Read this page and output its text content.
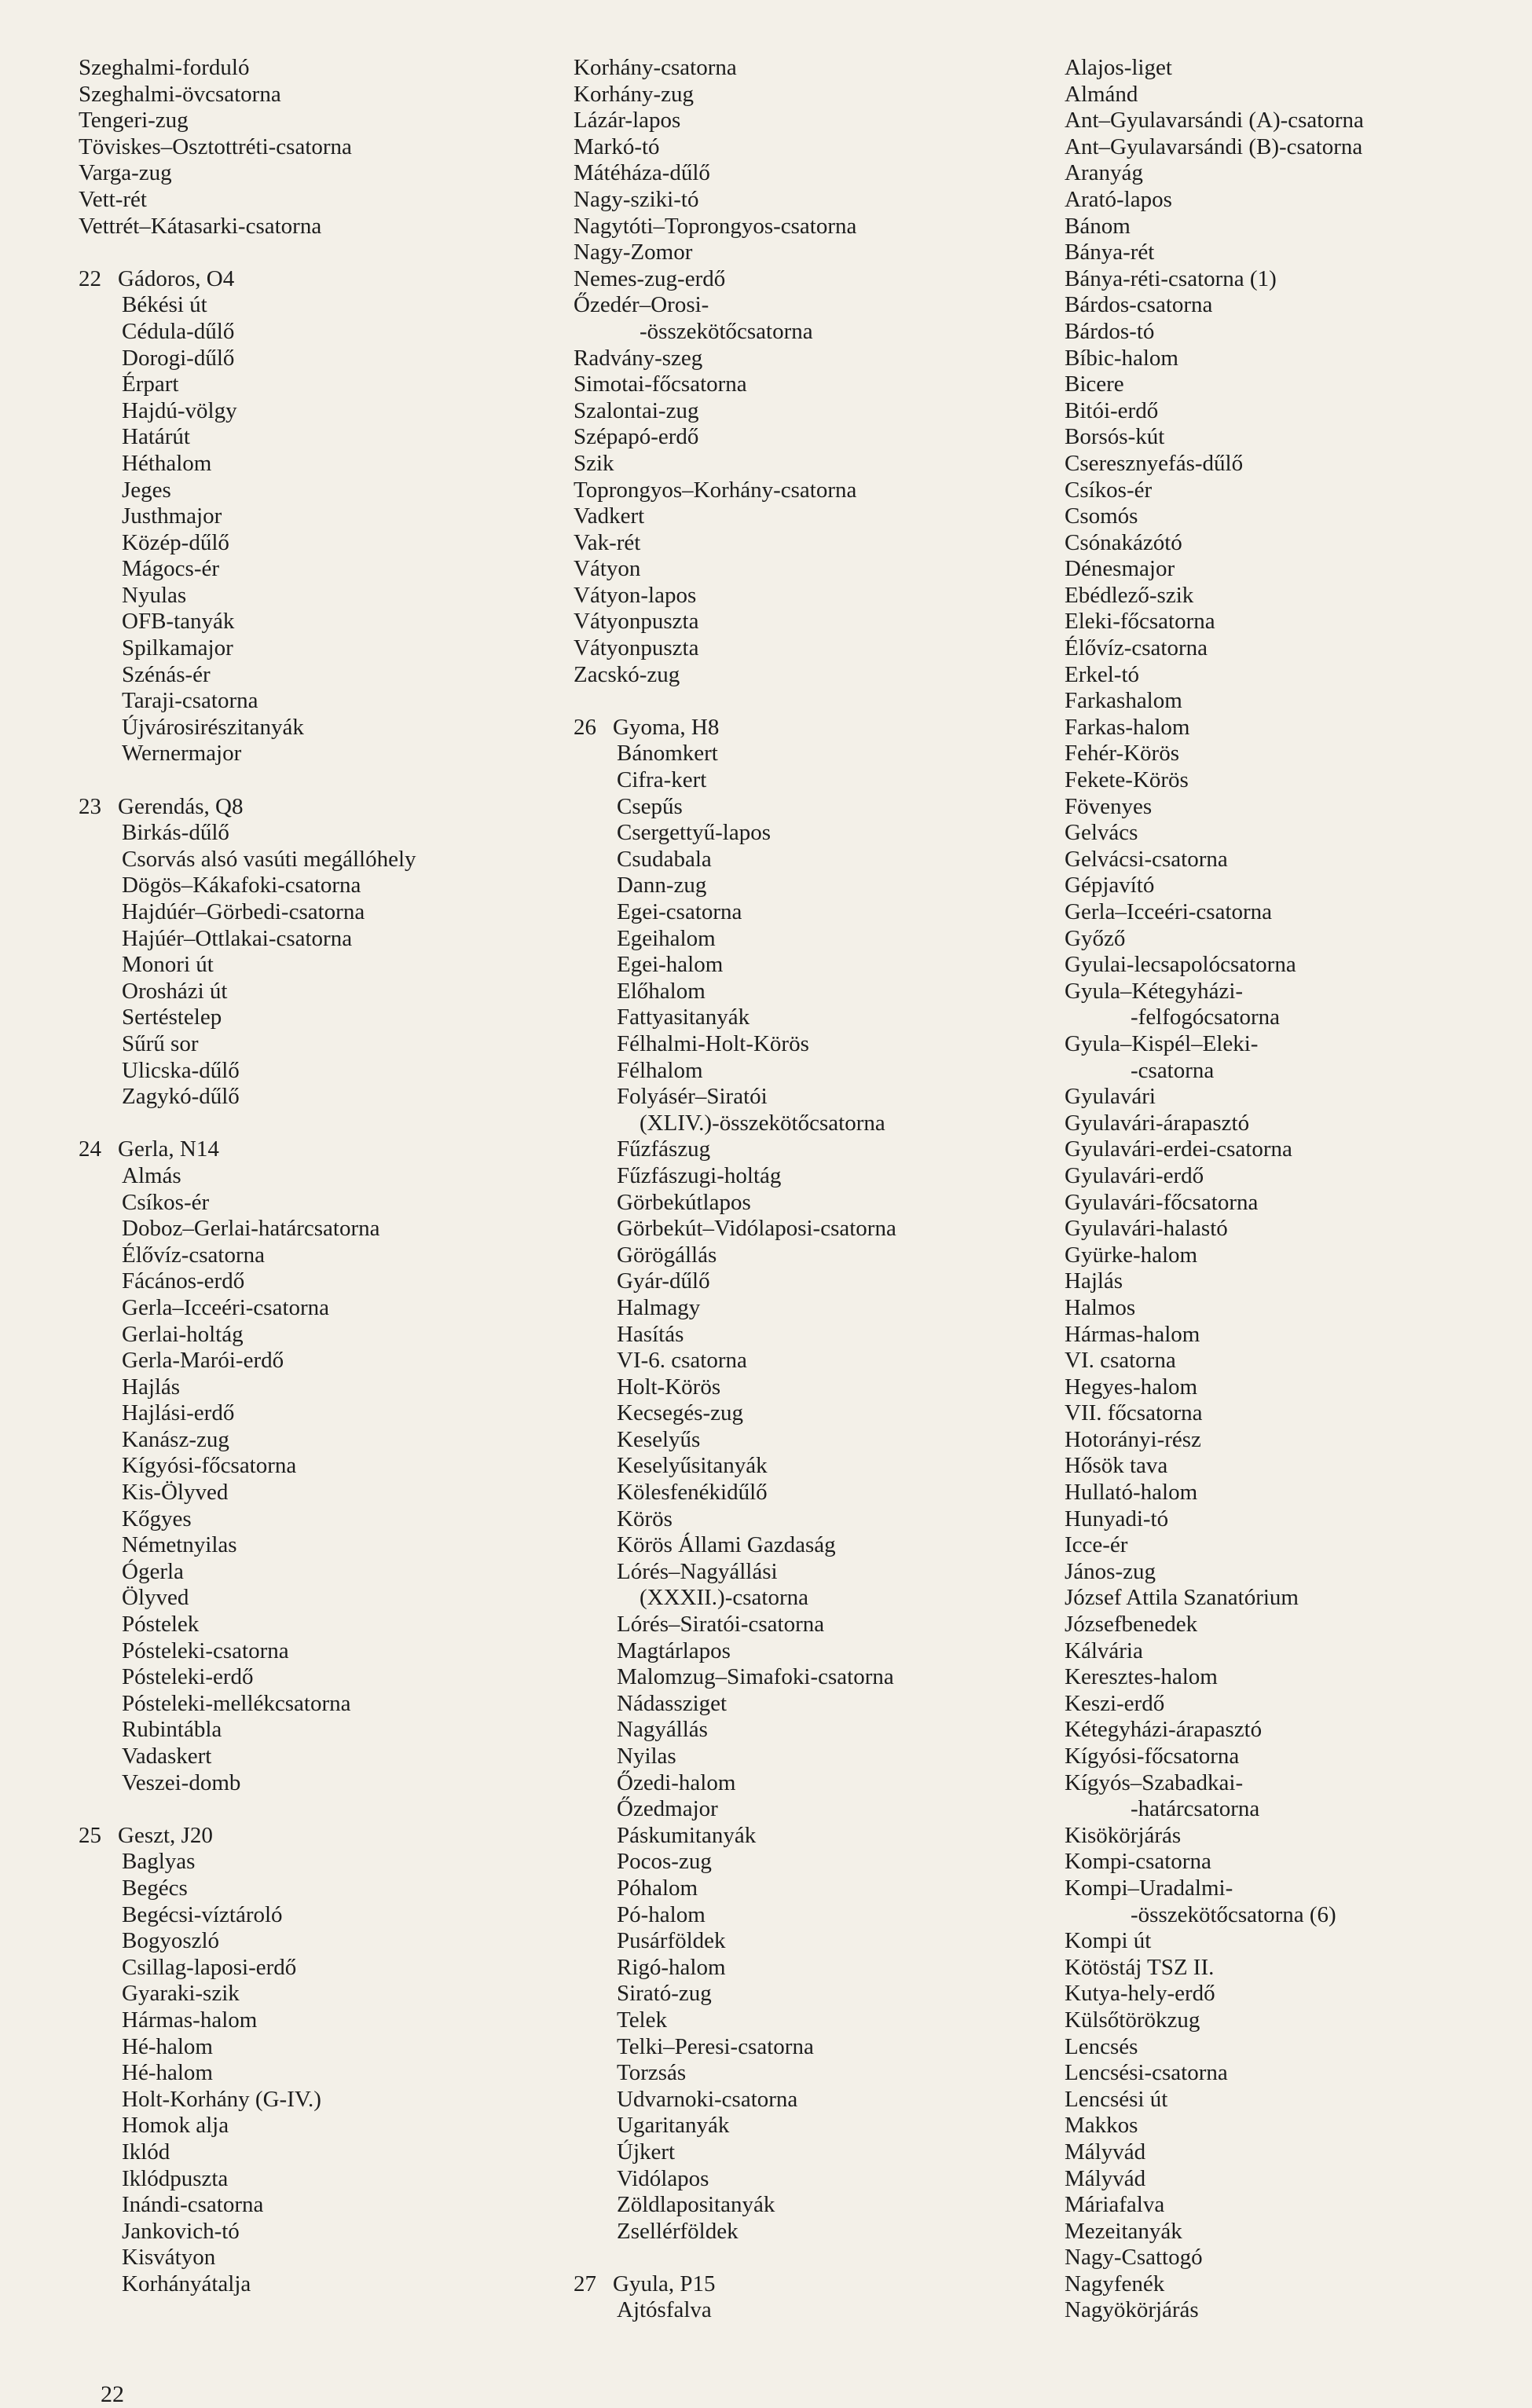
Szeghalmi-forduló
Szeghalmi-övcsatorna
Tengeri-zug
Töviskes–Osztottréti-csatorna
Varga-zug
Vett-rét
Vettrét–Kátasarki-csatorna
22 Gádoros, O4
Békési út
Cédula-dűlő
Dorogi-dűlő
Érpart
Hajdú-völgy
Határút
Héthalom
Jeges
Justhmajor
Közép-dűlő
Mágocs-ér
Nyulas
OFB-tanyák
Spilkamajor
Szénás-ér
Taraji-csatorna
Újvárosirészitanyák
Wernermajor
23 Gerendás, Q8
Birkás-dűlő
Csorvás alsó vasúti megállóhely
Dögös–Kákafoki-csatorna
Hajdúér–Görbedi-csatorna
Hajúér–Ottlakai-csatorna
Monori út
Orosházi út
Sertéstelep
Sűrű sor
Ulicska-dűlő
Zagykó-dűlő
24 Gerla, N14
Almás
Csíkos-ér
Doboz–Gerlai-határcsatorna
Élővíz-csatorna
Fácános-erdő
Gerla–Icceéri-csatorna
Gerlai-holtág
Gerla-Marói-erdő
Hajlás
Hajlási-erdő
Kanász-zug
Kígyósi-főcsatorna
Kis-Ölyved
Kőgyes
Németnyilas
Ógerla
Ölyved
Póstelek
Pósteleki-csatorna
Pósteleki-erdő
Pósteleki-mellékcsatorna
Rubintábla
Vadaskert
Veszei-domb
25 Geszt, J20
Baglyas
Begécs
Begécsi-víztároló
Bogyoszló
Csillag-laposi-erdő
Gyaraki-szik
Hármas-halom
Hé-halom
Hé-halom
Holt-Korhány (G-IV.)
Homok alja
Iklód
Iklódpuszta
Inándi-csatorna
Jankovich-tó
Kisvátyon
Korhányátalja
Korhány-csatorna
Korhány-zug
Lázár-lapos
Markó-tó
Mátéháza-dűlő
Nagy-sziki-tó
Nagytóti–Toprongyos-csatorna
Nagy-Zomor
Nemes-zug-erdő
Őzedér–Orosi-
-összekötőcsatorna
Radvány-szeg
Simotai-főcsatorna
Szalontai-zug
Szépapó-erdő
Szik
Toprongyos–Korhány-csatorna
Vadkert
Vak-rét
Vátyon
Vátyon-lapos
Vátyonpuszta
Vátyonpuszta
Zacskó-zug
26 Gyoma, H8
Bánomkert
Cifra-kert
Csepűs
Csergettyű-lapos
Csudabala
Dann-zug
Egei-csatorna
Egeihalom
Egei-halom
Előhalom
Fattyasitanyák
Félhalmi-Holt-Körös
Félhalom
Folyásér–Siratói
(XLIV.)-összekötőcsatorna
Fűzfászug
Fűzfászugi-holtág
Görbekútlapos
Görbekút–Vidólaposi-csatorna
Görögállás
Gyár-dűlő
Halmagy
Hasítás
VI-6. csatorna
Holt-Körös
Kecsegés-zug
Keselyűs
Keselyűsitanyák
Kölesfenékidűlő
Körös
Körös Állami Gazdaság
Lórés–Nagyállási
(XXXII.)-csatorna
Lórés–Siratói-csatorna
Magtárlapos
Malomzug–Simafoki-csatorna
Nádassziget
Nagyállás
Nyilas
Őzedi-halom
Őzedmajor
Páskumitanyák
Pocos-zug
Póhalom
Pó-halom
Pusárföldek
Rigó-halom
Sirató-zug
Telek
Telki–Peresi-csatorna
Torzsás
Udvarnoki-csatorna
Ugaritanyák
Újkert
Vidólapos
Zöldlapositanyák
Zsellérföldek
27 Gyula, P15
Ajtósfalva
Alajos-liget
Almánd
Ant–Gyulavarsándi (A)-csatorna
Ant–Gyulavarsándi (B)-csatorna
Aranyág
Arató-lapos
Bánom
Bánya-rét
Bánya-réti-csatorna (1)
Bárdos-csatorna
Bárdos-tó
Bíbic-halom
Bicere
Bitói-erdő
Borsós-kút
Cseresznyefás-dűlő
Csíkos-ér
Csomós
Csónakázótó
Dénesmajor
Ebédlező-szik
Eleki-főcsatorna
Élővíz-csatorna
Erkel-tó
Farkashalom
Farkas-halom
Fehér-Körös
Fekete-Körös
Fövenyes
Gelvács
Gelvácsi-csatorna
Gépjavító
Gerla–Icceéri-csatorna
Győző
Gyulai-lecsapolócsatorna
Gyula–Kétegyházi-
-felfogócsatorna
Gyula–Kispél–Eleki-
-csatorna
Gyulavári
Gyulavári-árapasztó
Gyulavári-erdei-csatorna
Gyulavári-erdő
Gyulavári-főcsatorna
Gyulavári-halastó
Gyürke-halom
Hajlás
Halmos
Hármas-halom
VI. csatorna
Hegyes-halom
VII. főcsatorna
Hotorányi-rész
Hősök tava
Hullató-halom
Hunyadi-tó
Icce-ér
János-zug
József Attila Szanatórium
Józsefbenedek
Kálvária
Keresztes-halom
Keszi-erdő
Kétegyházi-árapasztó
Kígyósi-főcsatorna
Kígyós–Szabadkai-
-határcsatorna
Kisökörjárás
Kompi-csatorna
Kompi–Uradalmi-
-összekötőcsatorna (6)
Kompi út
Kötöstáj TSZ II.
Kutya-hely-erdő
Külsőtörökzug
Lencsés
Lencsési-csatorna
Lencsési út
Makkos
Mályvád
Mályvád
Máriafalva
Mezeitanyák
Nagy-Csattogó
Nagyfenék
Nagyökörjárás
22
